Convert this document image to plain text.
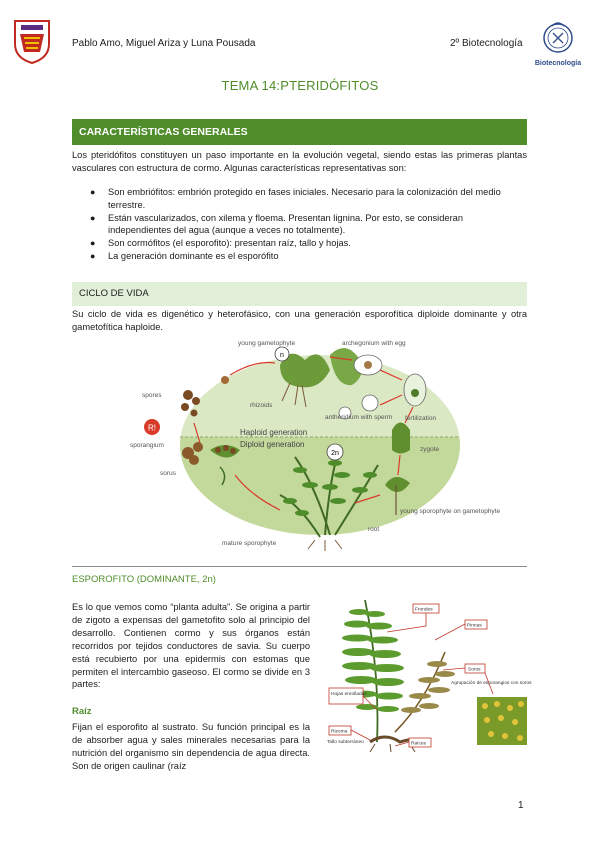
Pablo Amo, Miguel Ariza y Luna Pousada	2º Biotecnología
Biotecnología
TEMA 14:PTERIDÓFITOS
CARACTERÍSTICAS GENERALES

Los pteridófitos constituyen un paso importante en la evolución vegetal, siendo estas las primeras plantas vasculares con estructura de cormo. Algunas características representativas son:

● Son embriófitos: embrión protegido en fases iniciales. Necesario para la colonización del medio terrestre.
● Están vascularizados, con xilema y floema. Presentan lignina. Por esto, se consideran independientes del agua (aunque a veces no totalmente).
● Son cormófitos (el esporofito): presentan raíz, tallo y hojas.
● La generación dominante es el esporófito
CICLO DE VIDA

Su ciclo de vida es digenético y heterofásico, con una generación esporofítica diploide dominante y otra gametofítica haploide.

R!
n
2n
young gametophyte	archegonium with egg
spores
rhizoids
antheridium with sperm fertilization
sporangium
zygote
sorus
young sporophyte on gametophyte
root
mature sporophyte
Haploid generation
Diploid generation
ESPOROFITO (DOMINANTE, 2n)

Es lo que vemos como “planta adulta”. Se origina a partir de zigoto a expensas del gametofito solo al principio del desarrollo. Contienen cormo y sus órganos están recorridos por tejidos conductores de savia. Su cuerpo está recubierto por una epidermis con estomas que permiten el intercambio gaseoso. El cormo se divide en 3 partes:

Raíz

Fijan el esporofito al sustrato. Su función principal es la de absorber agua y sales minerales necesarias para la nutrición del organismo sin dependencia de agua directa. Son de origen caulinar (raíz

Frondes
Pinnas
Soros
Agrupación de esporangios con soros
Hojas enrolladas
Rizoma
Tallo subterráneo	Raíces
1
